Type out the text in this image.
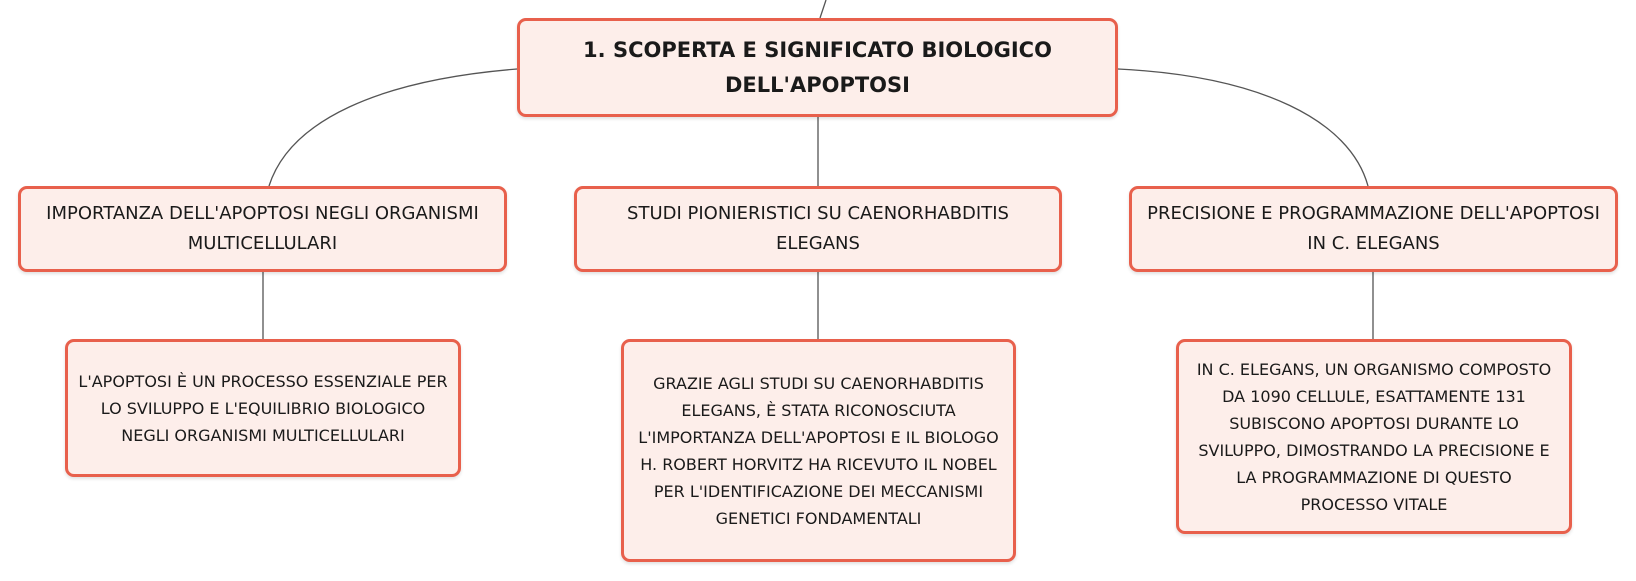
1. SCOPERTA E SIGNIFICATO BIOLOGICO
DELL'APOPTOSI
IMPORTANZA DELL'APOPTOSI NEGLI ORGANISMI
MULTICELLULARI
STUDI PIONIERISTICI SU CAENORHABDITIS
ELEGANS
PRECISIONE E PROGRAMMAZIONE DELL'APOPTOSI
IN C. ELEGANS
L'APOPTOSI È UN PROCESSO ESSENZIALE PER
LO SVILUPPO E L'EQUILIBRIO BIOLOGICO
NEGLI ORGANISMI MULTICELLULARI
GRAZIE AGLI STUDI SU CAENORHABDITIS
ELEGANS, È STATA RICONOSCIUTA
L'IMPORTANZA DELL'APOPTOSI E IL BIOLOGO
H. ROBERT HORVITZ HA RICEVUTO IL NOBEL
PER L'IDENTIFICAZIONE DEI MECCANISMI
GENETICI FONDAMENTALI
IN C. ELEGANS, UN ORGANISMO COMPOSTO
DA 1090 CELLULE, ESATTAMENTE 131
SUBISCONO APOPTOSI DURANTE LO
SVILUPPO, DIMOSTRANDO LA PRECISIONE E
LA PROGRAMMAZIONE DI QUESTO
PROCESSO VITALE
